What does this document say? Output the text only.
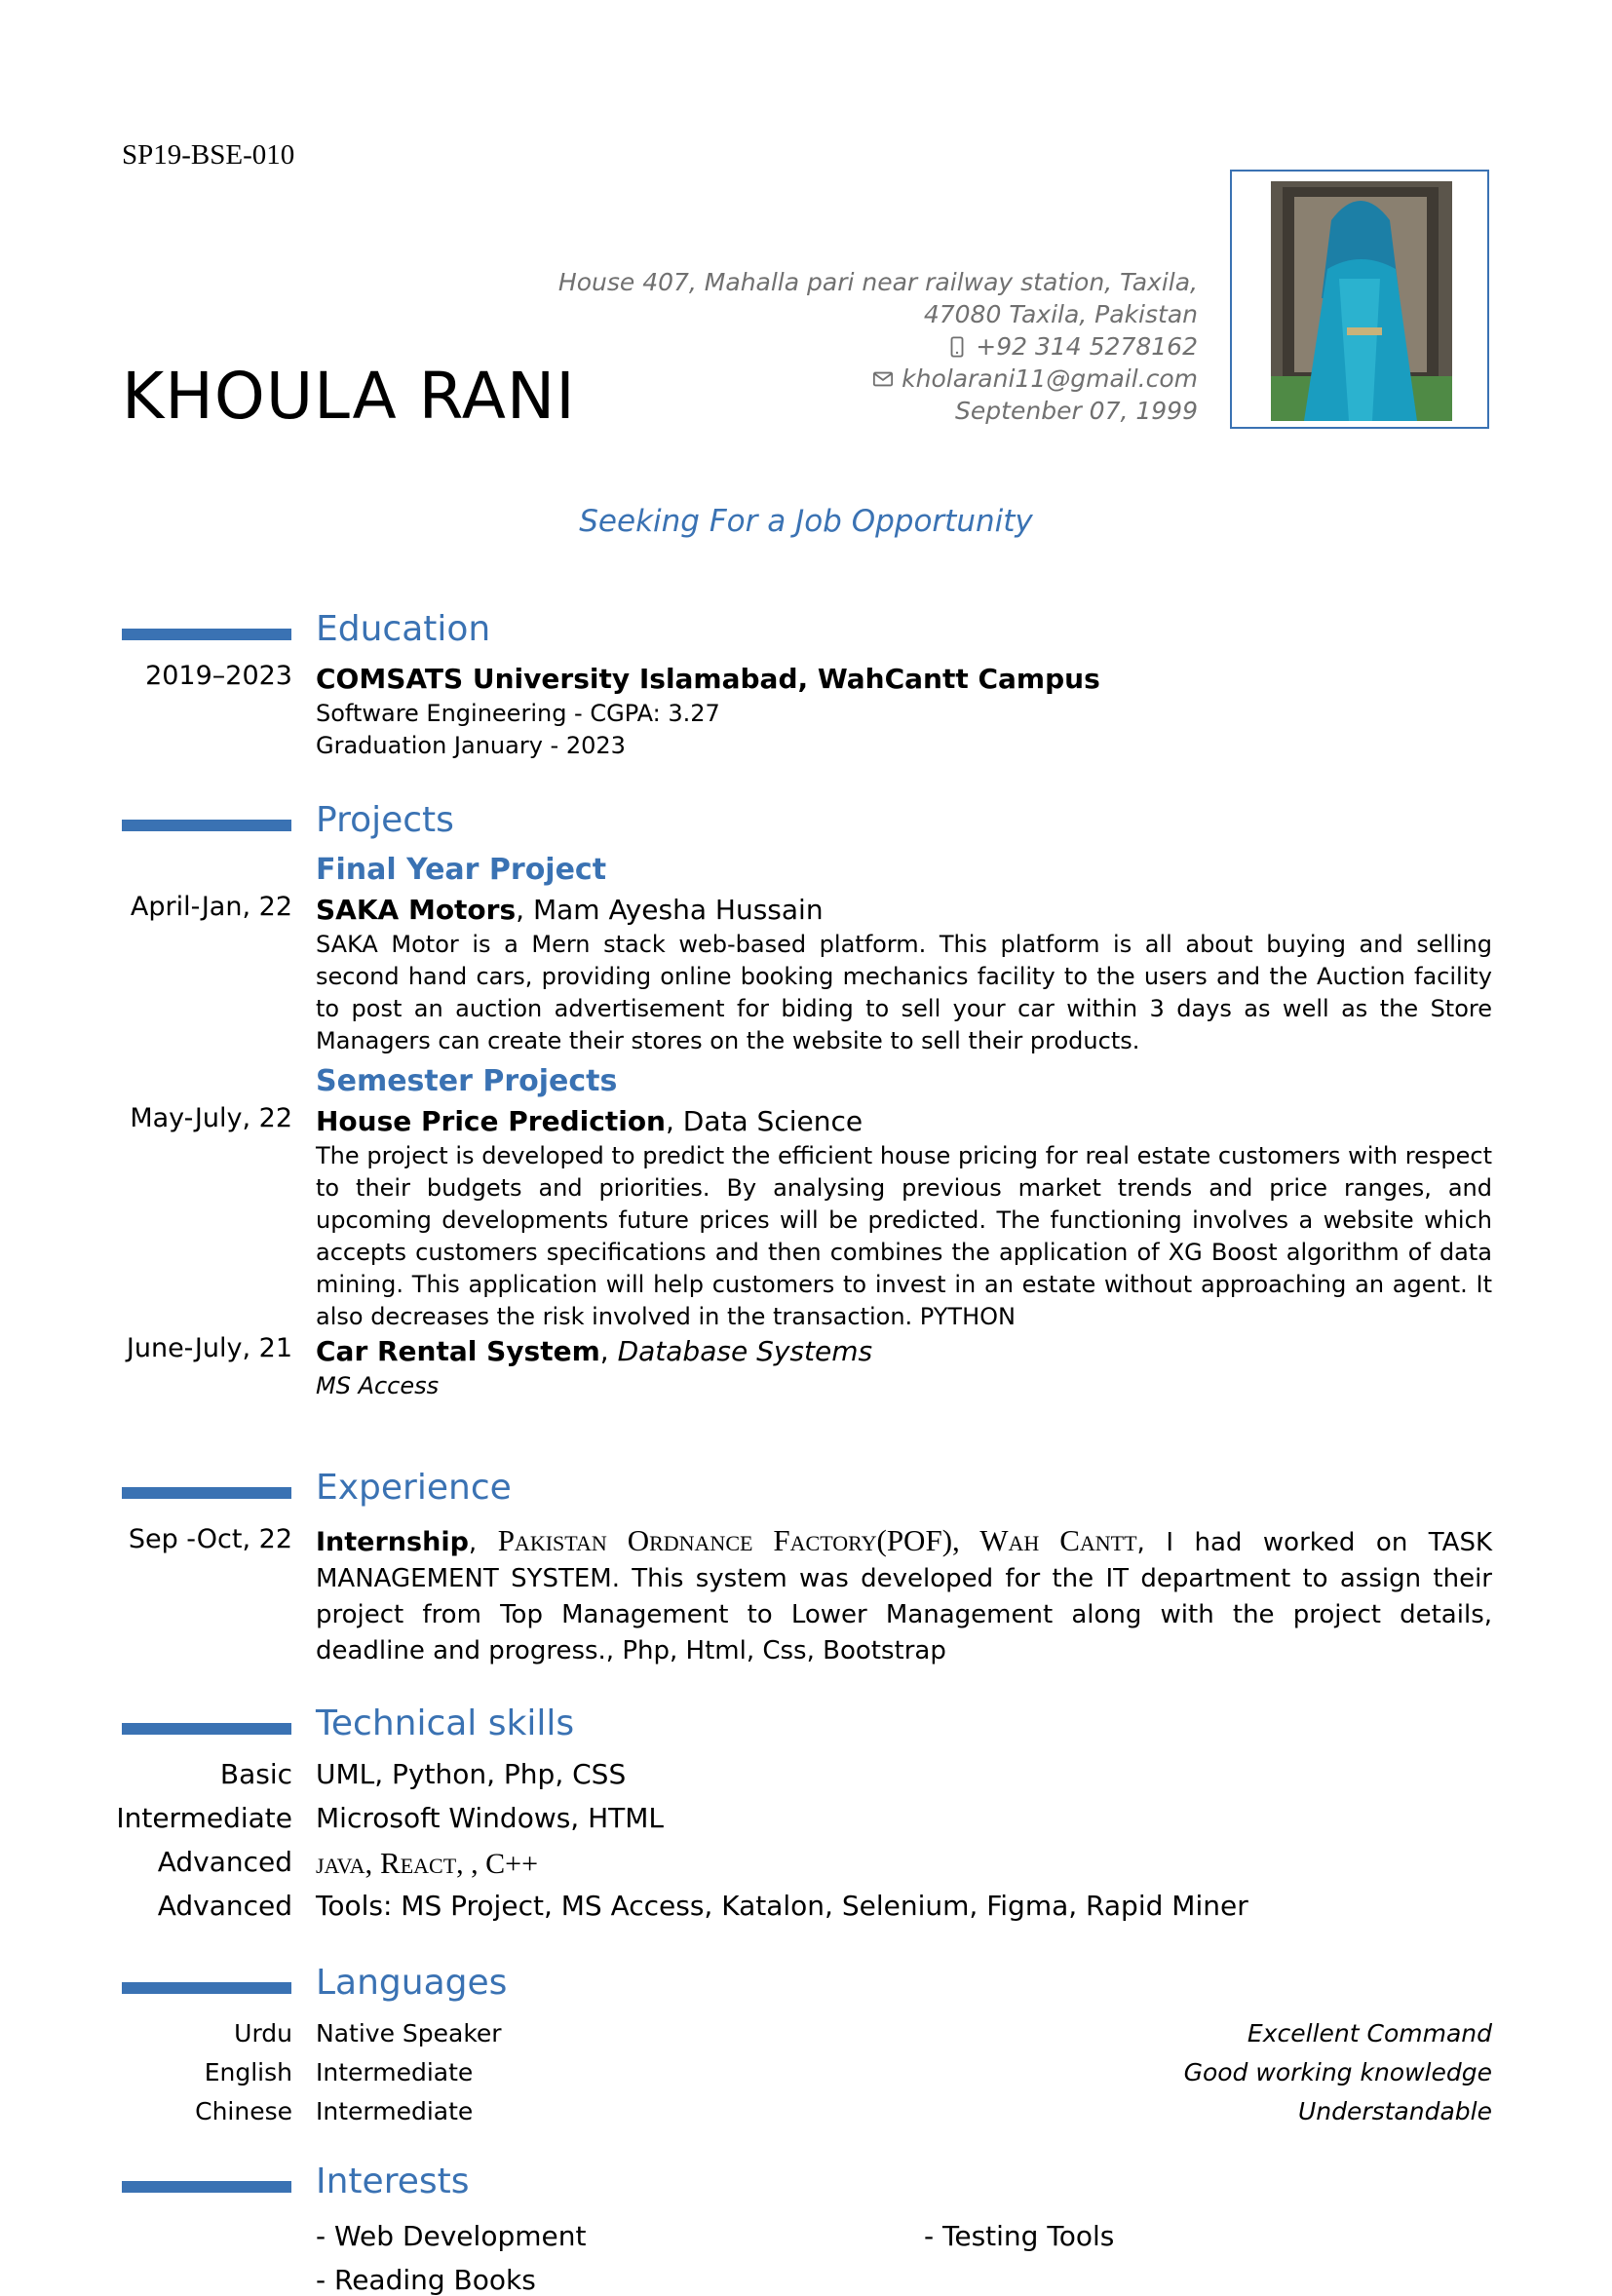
SP19-BSE-010
KHOULA RANI
House 407, Mahalla pari near railway station, Taxila,
47080 Taxila, Pakistan
+92 314 5278162
kholarani11@gmail.com
Septenber 07, 1999
Seeking For a Job Opportunity
Education
2019–2023 COMSATS University Islamabad, WahCantt Campus
Software Engineering - CGPA: 3.27
Graduation January - 2023
Projects
Final Year Project
April-Jan, 22 SAKA Motors, Mam Ayesha Hussain
SAKA Motor is a Mern stack web-based platform. This platform is all about buying and selling second hand cars, providing online booking mechanics facility to the users and the Auction facility to post an auction advertisement for biding to sell your car within 3 days as well as the Store Managers can create their stores on the website to sell their products.
Semester Projects
May-July, 22 House Price Prediction, Data Science
The project is developed to predict the efficient house pricing for real estate customers with respect to their budgets and priorities. By analysing previous market trends and price ranges, and upcoming developments future prices will be predicted. The functioning involves a website which accepts customers specifications and then combines the application of XG Boost algorithm of data mining. This application will help customers to invest in an estate without approaching an agent. It also decreases the risk involved in the transaction. PYTHON
June-July, 21 Car Rental System, Database Systems
MS Access
Experience
Sep -Oct, 22 Internship, Pakistan Ordnance Factory(POF), Wah Cantt, I had worked on TASK MANAGEMENT SYSTEM. This system was developed for the IT department to assign their project from Top Management to Lower Management along with the project details, deadline and progress., Php, Html, Css, Bootstrap
Technical skills
Basic UML, Python, Php, CSS
Intermediate Microsoft Windows, HTML
Advanced java, React, , C++
Advanced Tools: MS Project, MS Access, Katalon, Selenium, Figma, Rapid Miner
Languages
Urdu Native Speaker	Excellent Command
English Intermediate	Good working knowledge
Chinese Intermediate	Understandable
Interests
- Web Development	- Testing Tools
- Reading Books
